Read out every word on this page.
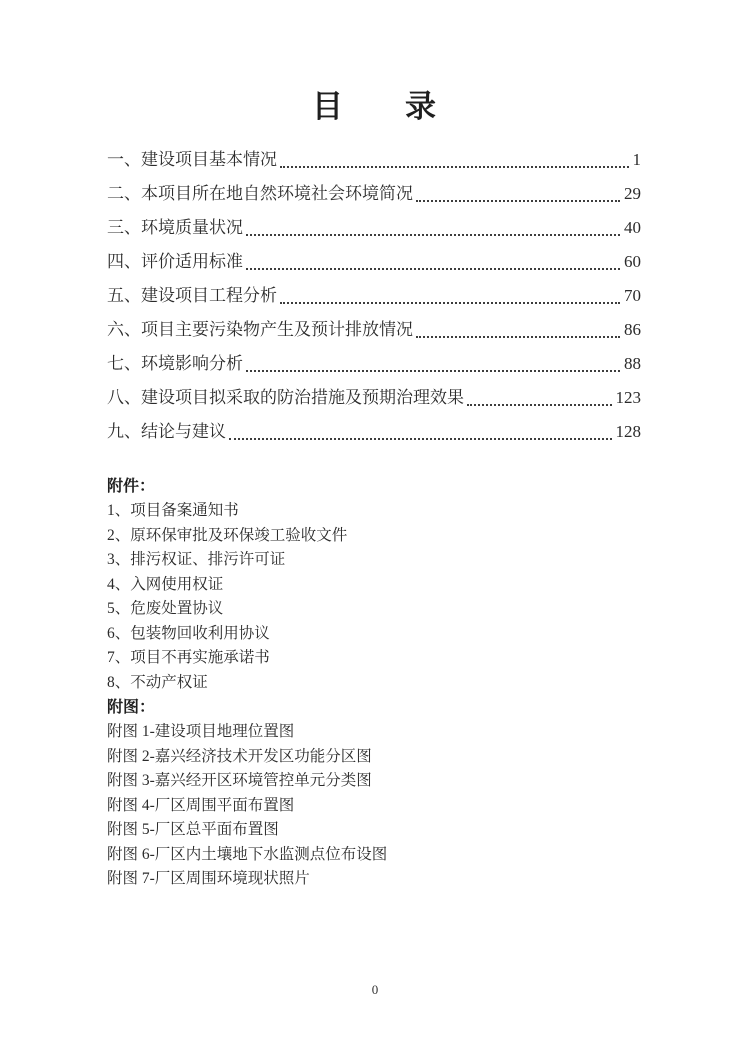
目　　录
一、建设项目基本情况	1
二、本项目所在地自然环境社会环境简况	29
三、环境质量状况	40
四、评价适用标准	60
五、建设项目工程分析	70
六、项目主要污染物产生及预计排放情况	86
七、环境影响分析	88
八、建设项目拟采取的防治措施及预期治理效果	123
九、结论与建议	128
附件：
1、项目备案通知书
2、原环保审批及环保竣工验收文件
3、排污权证、排污许可证
4、入网使用权证
5、危废处置协议
6、包装物回收利用协议
7、项目不再实施承诺书
8、不动产权证
附图：
附图 1-建设项目地理位置图
附图 2-嘉兴经济技术开发区功能分区图
附图 3-嘉兴经开区环境管控单元分类图
附图 4-厂区周围平面布置图
附图 5-厂区总平面布置图
附图 6-厂区内土壤地下水监测点位布设图
附图 7-厂区周围环境现状照片
0
